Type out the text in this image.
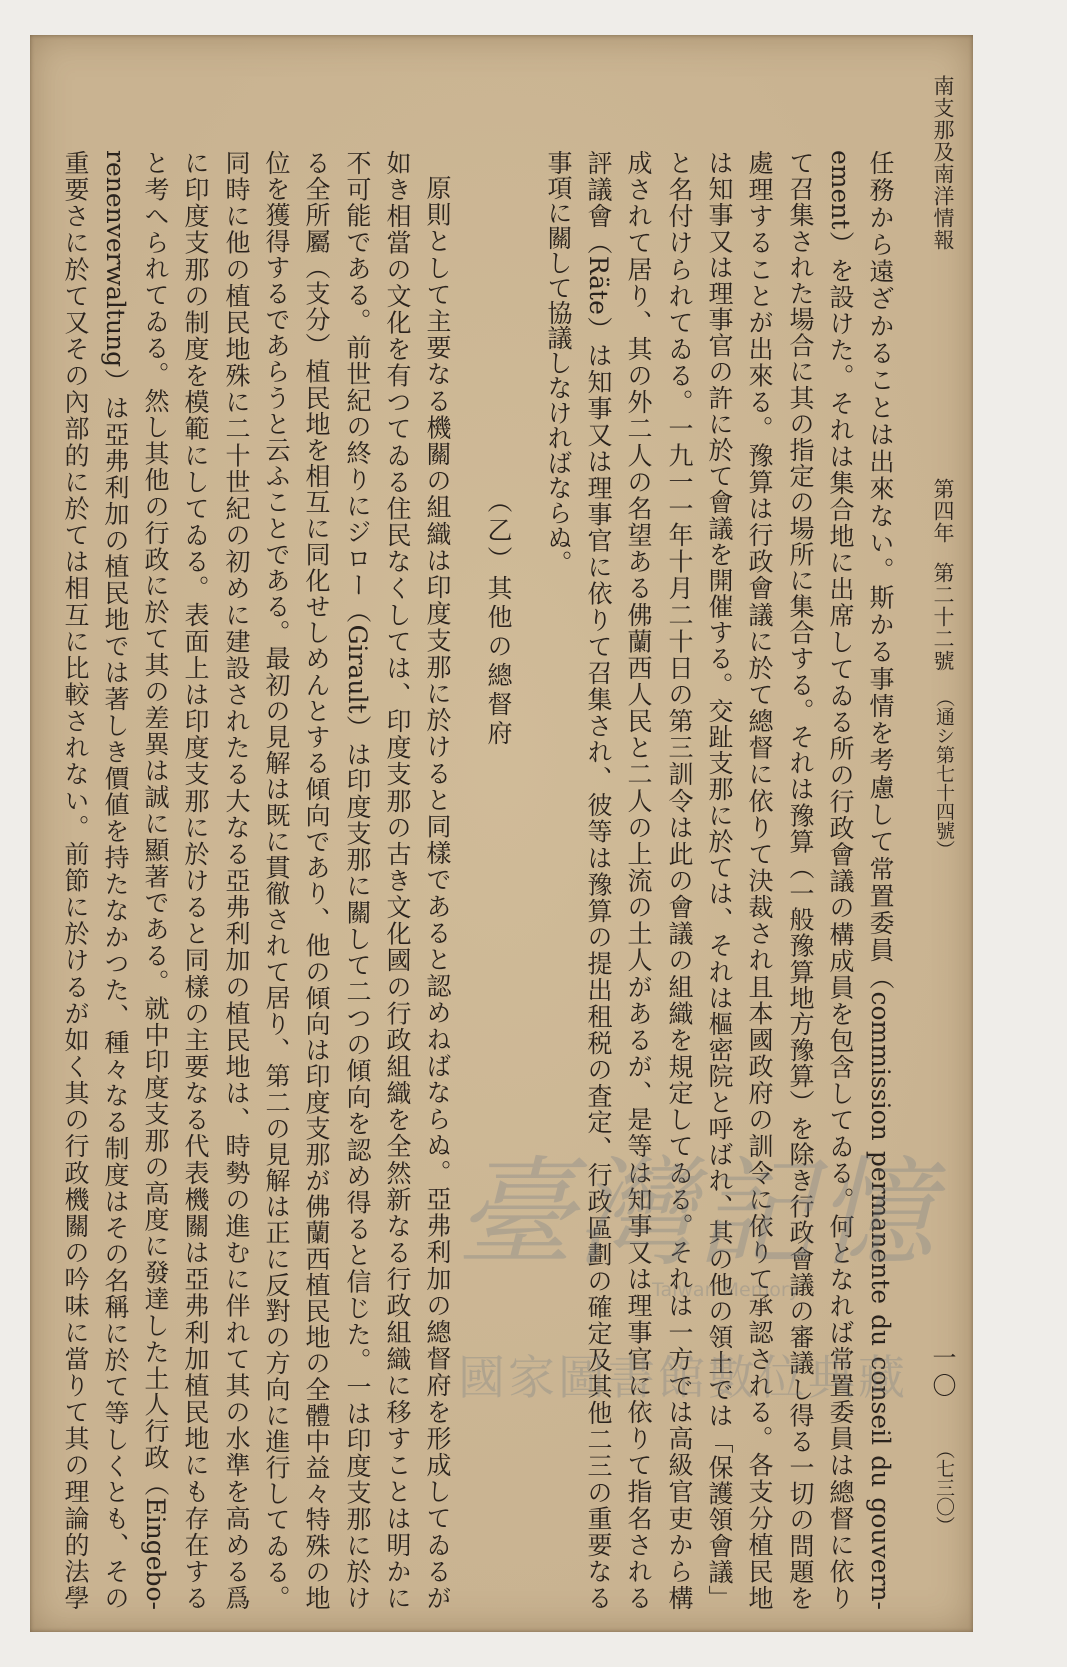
南支那及南洋情報
第四年
第二十二號
（通シ第七十四號）
一〇
（七三〇）
任務から遠ざかることは出來ない。斯かる事情を考慮して常置委員（commission permanente du conseil du gouvern-
ement）を設けた。それは集合地に出席してゐる所の行政會議の構成員を包含してゐる。何となれば常置委員は總督に依り
て召集された場合に其の指定の場所に集合する。それは豫算（一般豫算地方豫算）を除き行政會議の審議し得る一切の問題を
處理することが出來る。豫算は行政會議に於て總督に依りて決裁され且本國政府の訓令に依りて承認される。各支分植民地
は知事又は理事官の許に於て會議を開催する。交趾支那に於ては、それは樞密院と呼ばれ、其の他の領土では「保護領會議」
と名付けられてゐる。一九一一年十月二十日の第三訓令は此の會議の組織を規定してゐる。それは一方では高級官吏から構
成されて居り、其の外二人の名望ある佛蘭西人民と二人の上流の土人があるが、是等は知事又は理事官に依りて指名される
評議會（Räte）は知事又は理事官に依りて召集され、彼等は豫算の提出租税の査定、行政區劃の確定及其他二三の重要なる
事項に關して協議しなければならぬ。
（乙）其他の總督府
原則として主要なる機關の組織は印度支那に於けると同樣であると認めねばならぬ。亞弗利加の總督府を形成してゐるが
如き相當の文化を有つてゐる住民なくしては、印度支那の古き文化國の行政組織を全然新なる行政組織に移すことは明かに
不可能である。前世紀の終りにジロー（Girault）は印度支那に關して二つの傾向を認め得ると信じた。一は印度支那に於け
る全所屬（支分）植民地を相互に同化せしめんとする傾向であり、他の傾向は印度支那が佛蘭西植民地の全體中益々特殊の地
位を獲得するであらうと云ふことである。最初の見解は既に貫徹されて居り、第二の見解は正に反對の方向に進行してゐる。
同時に他の植民地殊に二十世紀の初めに建設されたる大なる亞弗利加の植民地は、時勢の進むに伴れて其の水準を高める爲
に印度支那の制度を模範にしてゐる。表面上は印度支那に於けると同樣の主要なる代表機關は亞弗利加植民地にも存在する
と考へられてゐる。然し其他の行政に於て其の差異は誠に顯著である。就中印度支那の高度に發達した土人行政（Eingebo-
renenverwaltung）は亞弗利加の植民地では著しき價値を持たなかつた、種々なる制度はその名稱に於て等しくとも、その
重要さに於て又その內部的に於ては相互に比較されない。前節に於けるが如く其の行政機關の吟味に當りて其の理論的法學	臺灣記憶
Taiwan Memory
國家圖書館數位典藏
